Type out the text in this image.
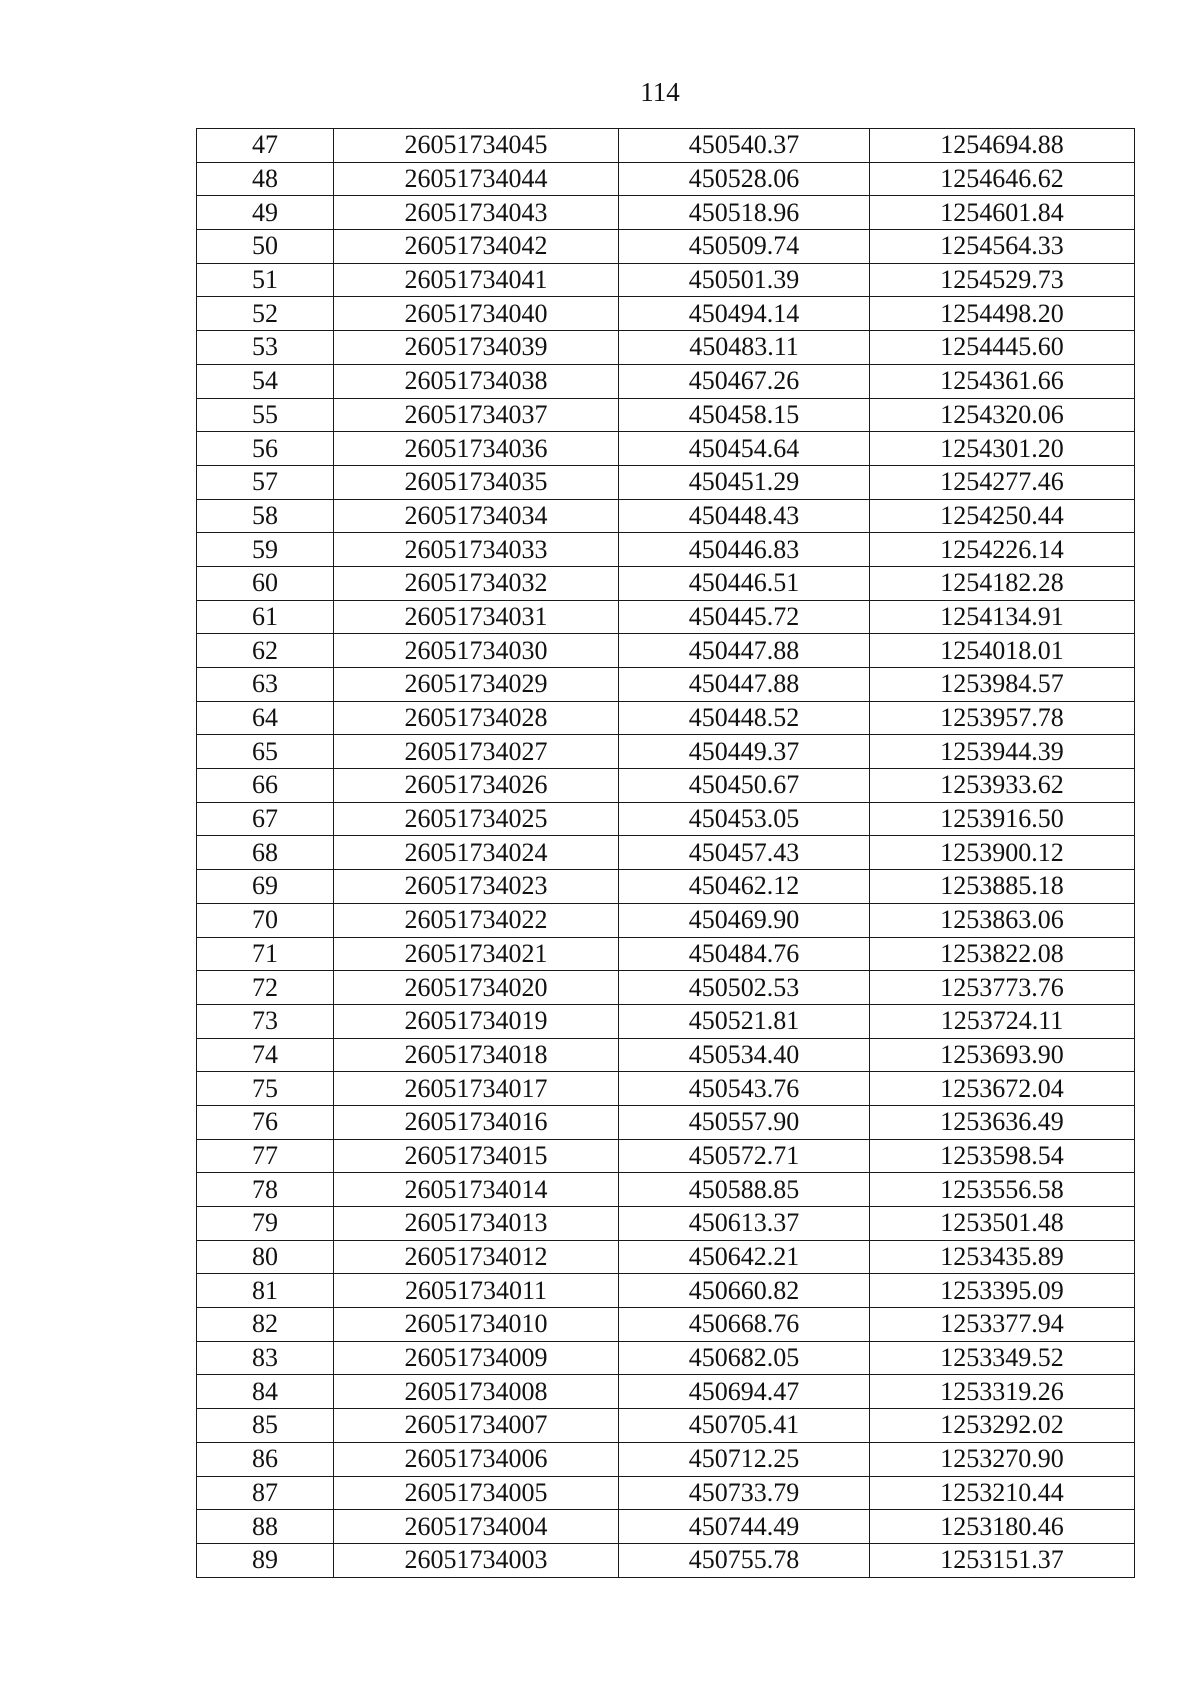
114
47	26051734045	450540.37	1254694.88
48	26051734044	450528.06	1254646.62
49	26051734043	450518.96	1254601.84
50	26051734042	450509.74	1254564.33
51	26051734041	450501.39	1254529.73
52	26051734040	450494.14	1254498.20
53	26051734039	450483.11	1254445.60
54	26051734038	450467.26	1254361.66
55	26051734037	450458.15	1254320.06
56	26051734036	450454.64	1254301.20
57	26051734035	450451.29	1254277.46
58	26051734034	450448.43	1254250.44
59	26051734033	450446.83	1254226.14
60	26051734032	450446.51	1254182.28
61	26051734031	450445.72	1254134.91
62	26051734030	450447.88	1254018.01
63	26051734029	450447.88	1253984.57
64	26051734028	450448.52	1253957.78
65	26051734027	450449.37	1253944.39
66	26051734026	450450.67	1253933.62
67	26051734025	450453.05	1253916.50
68	26051734024	450457.43	1253900.12
69	26051734023	450462.12	1253885.18
70	26051734022	450469.90	1253863.06
71	26051734021	450484.76	1253822.08
72	26051734020	450502.53	1253773.76
73	26051734019	450521.81	1253724.11
74	26051734018	450534.40	1253693.90
75	26051734017	450543.76	1253672.04
76	26051734016	450557.90	1253636.49
77	26051734015	450572.71	1253598.54
78	26051734014	450588.85	1253556.58
79	26051734013	450613.37	1253501.48
80	26051734012	450642.21	1253435.89
81	26051734011	450660.82	1253395.09
82	26051734010	450668.76	1253377.94
83	26051734009	450682.05	1253349.52
84	26051734008	450694.47	1253319.26
85	26051734007	450705.41	1253292.02
86	26051734006	450712.25	1253270.90
87	26051734005	450733.79	1253210.44
88	26051734004	450744.49	1253180.46
89	26051734003	450755.78	1253151.37
